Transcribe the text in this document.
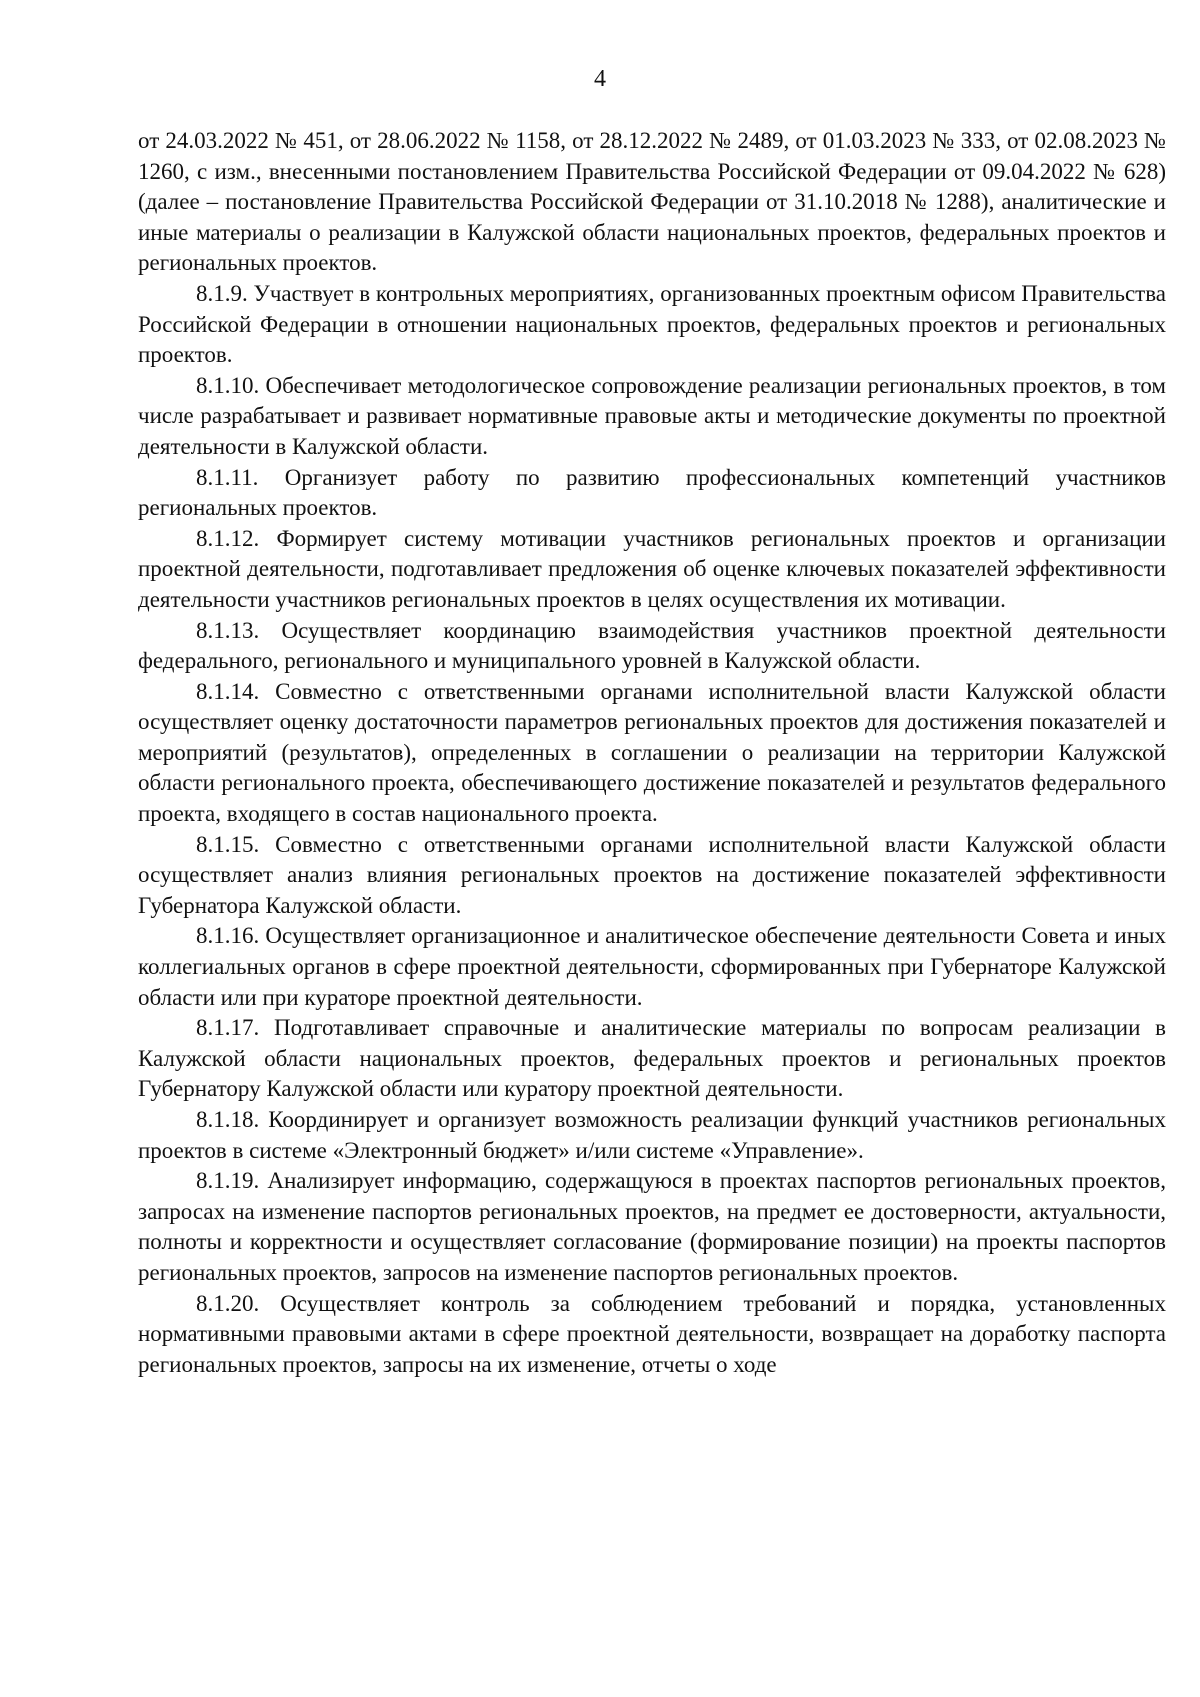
4

от 24.03.2022 № 451, от 28.06.2022 № 1158, от 28.12.2022 № 2489, от 01.03.2023 № 333, от 02.08.2023 № 1260, с изм., внесенными постановлением Правительства Российской Федерации от 09.04.2022 № 628) (далее – постановление Правительства Российской Федерации от 31.10.2018 № 1288), аналитические и иные материалы о реализации в Калужской области национальных проектов, федеральных проектов и региональных проектов.

8.1.9. Участвует в контрольных мероприятиях, организованных проектным офисом Правительства Российской Федерации в отношении национальных проектов, федеральных проектов и региональных проектов.

8.1.10. Обеспечивает методологическое сопровождение реализации региональных проектов, в том числе разрабатывает и развивает нормативные правовые акты и методические документы по проектной деятельности в Калужской области.

8.1.11. Организует работу по развитию профессиональных компетенций участников региональных проектов.

8.1.12. Формирует систему мотивации участников региональных проектов и организации проектной деятельности, подготавливает предложения об оценке ключевых показателей эффективности деятельности участников региональных проектов в целях осуществления их мотивации.

8.1.13. Осуществляет координацию взаимодействия участников проектной деятельности федерального, регионального и муниципального уровней в Калужской области.

8.1.14. Совместно с ответственными органами исполнительной власти Калужской области осуществляет оценку достаточности параметров региональных проектов для достижения показателей и мероприятий (результатов), определенных в соглашении о реализации на территории Калужской области регионального проекта, обеспечивающего достижение показателей и результатов федерального проекта, входящего в состав национального проекта.

8.1.15. Совместно с ответственными органами исполнительной власти Калужской области осуществляет анализ влияния региональных проектов на достижение показателей эффективности Губернатора Калужской области.

8.1.16. Осуществляет организационное и аналитическое обеспечение деятельности Совета и иных коллегиальных органов в сфере проектной деятельности, сформированных при Губернаторе Калужской области или при кураторе проектной деятельности.

8.1.17. Подготавливает справочные и аналитические материалы по вопросам реализации в Калужской области национальных проектов, федеральных проектов и региональных проектов Губернатору Калужской области или куратору проектной деятельности.

8.1.18. Координирует и организует возможность реализации функций участников региональных проектов в системе «Электронный бюджет» и/или системе «Управление».

8.1.19. Анализирует информацию, содержащуюся в проектах паспортов региональных проектов, запросах на изменение паспортов региональных проектов, на предмет ее достоверности, актуальности, полноты и корректности и осуществляет согласование (формирование позиции) на проекты паспортов региональных проектов, запросов на изменение паспортов региональных проектов.

8.1.20. Осуществляет контроль за соблюдением требований и порядка, установленных нормативными правовыми актами в сфере проектной деятельности, возвращает на доработку паспорта региональных проектов, запросы на их изменение, отчеты о ходе
